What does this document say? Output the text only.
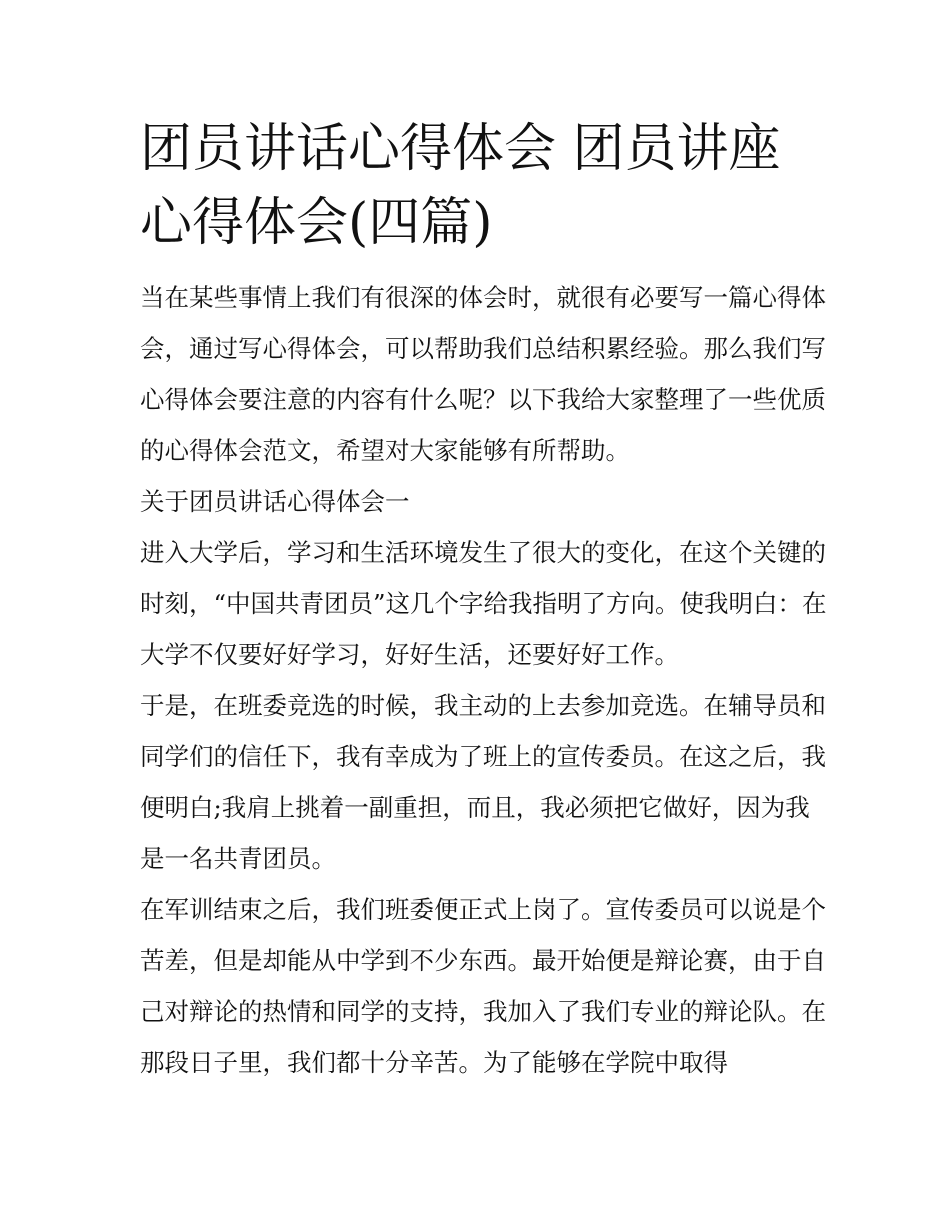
团员讲话心得体会 团员讲座心得体会(四篇)

当在某些事情上我们有很深的体会时，就很有必要写一篇心得体会，通过写心得体会，可以帮助我们总结积累经验。那么我们写心得体会要注意的内容有什么呢？以下我给大家整理了一些优质的心得体会范文，希望对大家能够有所帮助。

关于团员讲话心得体会一

进入大学后，学习和生活环境发生了很大的变化，在这个关键的时刻，“中国共青团员”这几个字给我指明了方向。使我明白：在大学不仅要好好学习，好好生活，还要好好工作。

于是，在班委竞选的时候，我主动的上去参加竞选。在辅导员和同学们的信任下，我有幸成为了班上的宣传委员。在这之后，我便明白;我肩上挑着一副重担，而且，我必须把它做好，因为我是一名共青团员。

在军训结束之后，我们班委便正式上岗了。宣传委员可以说是个苦差，但是却能从中学到不少东西。最开始便是辩论赛，由于自己对辩论的热情和同学的支持，我加入了我们专业的辩论队。在那段日子里，我们都十分辛苦。为了能够在学院中取得
